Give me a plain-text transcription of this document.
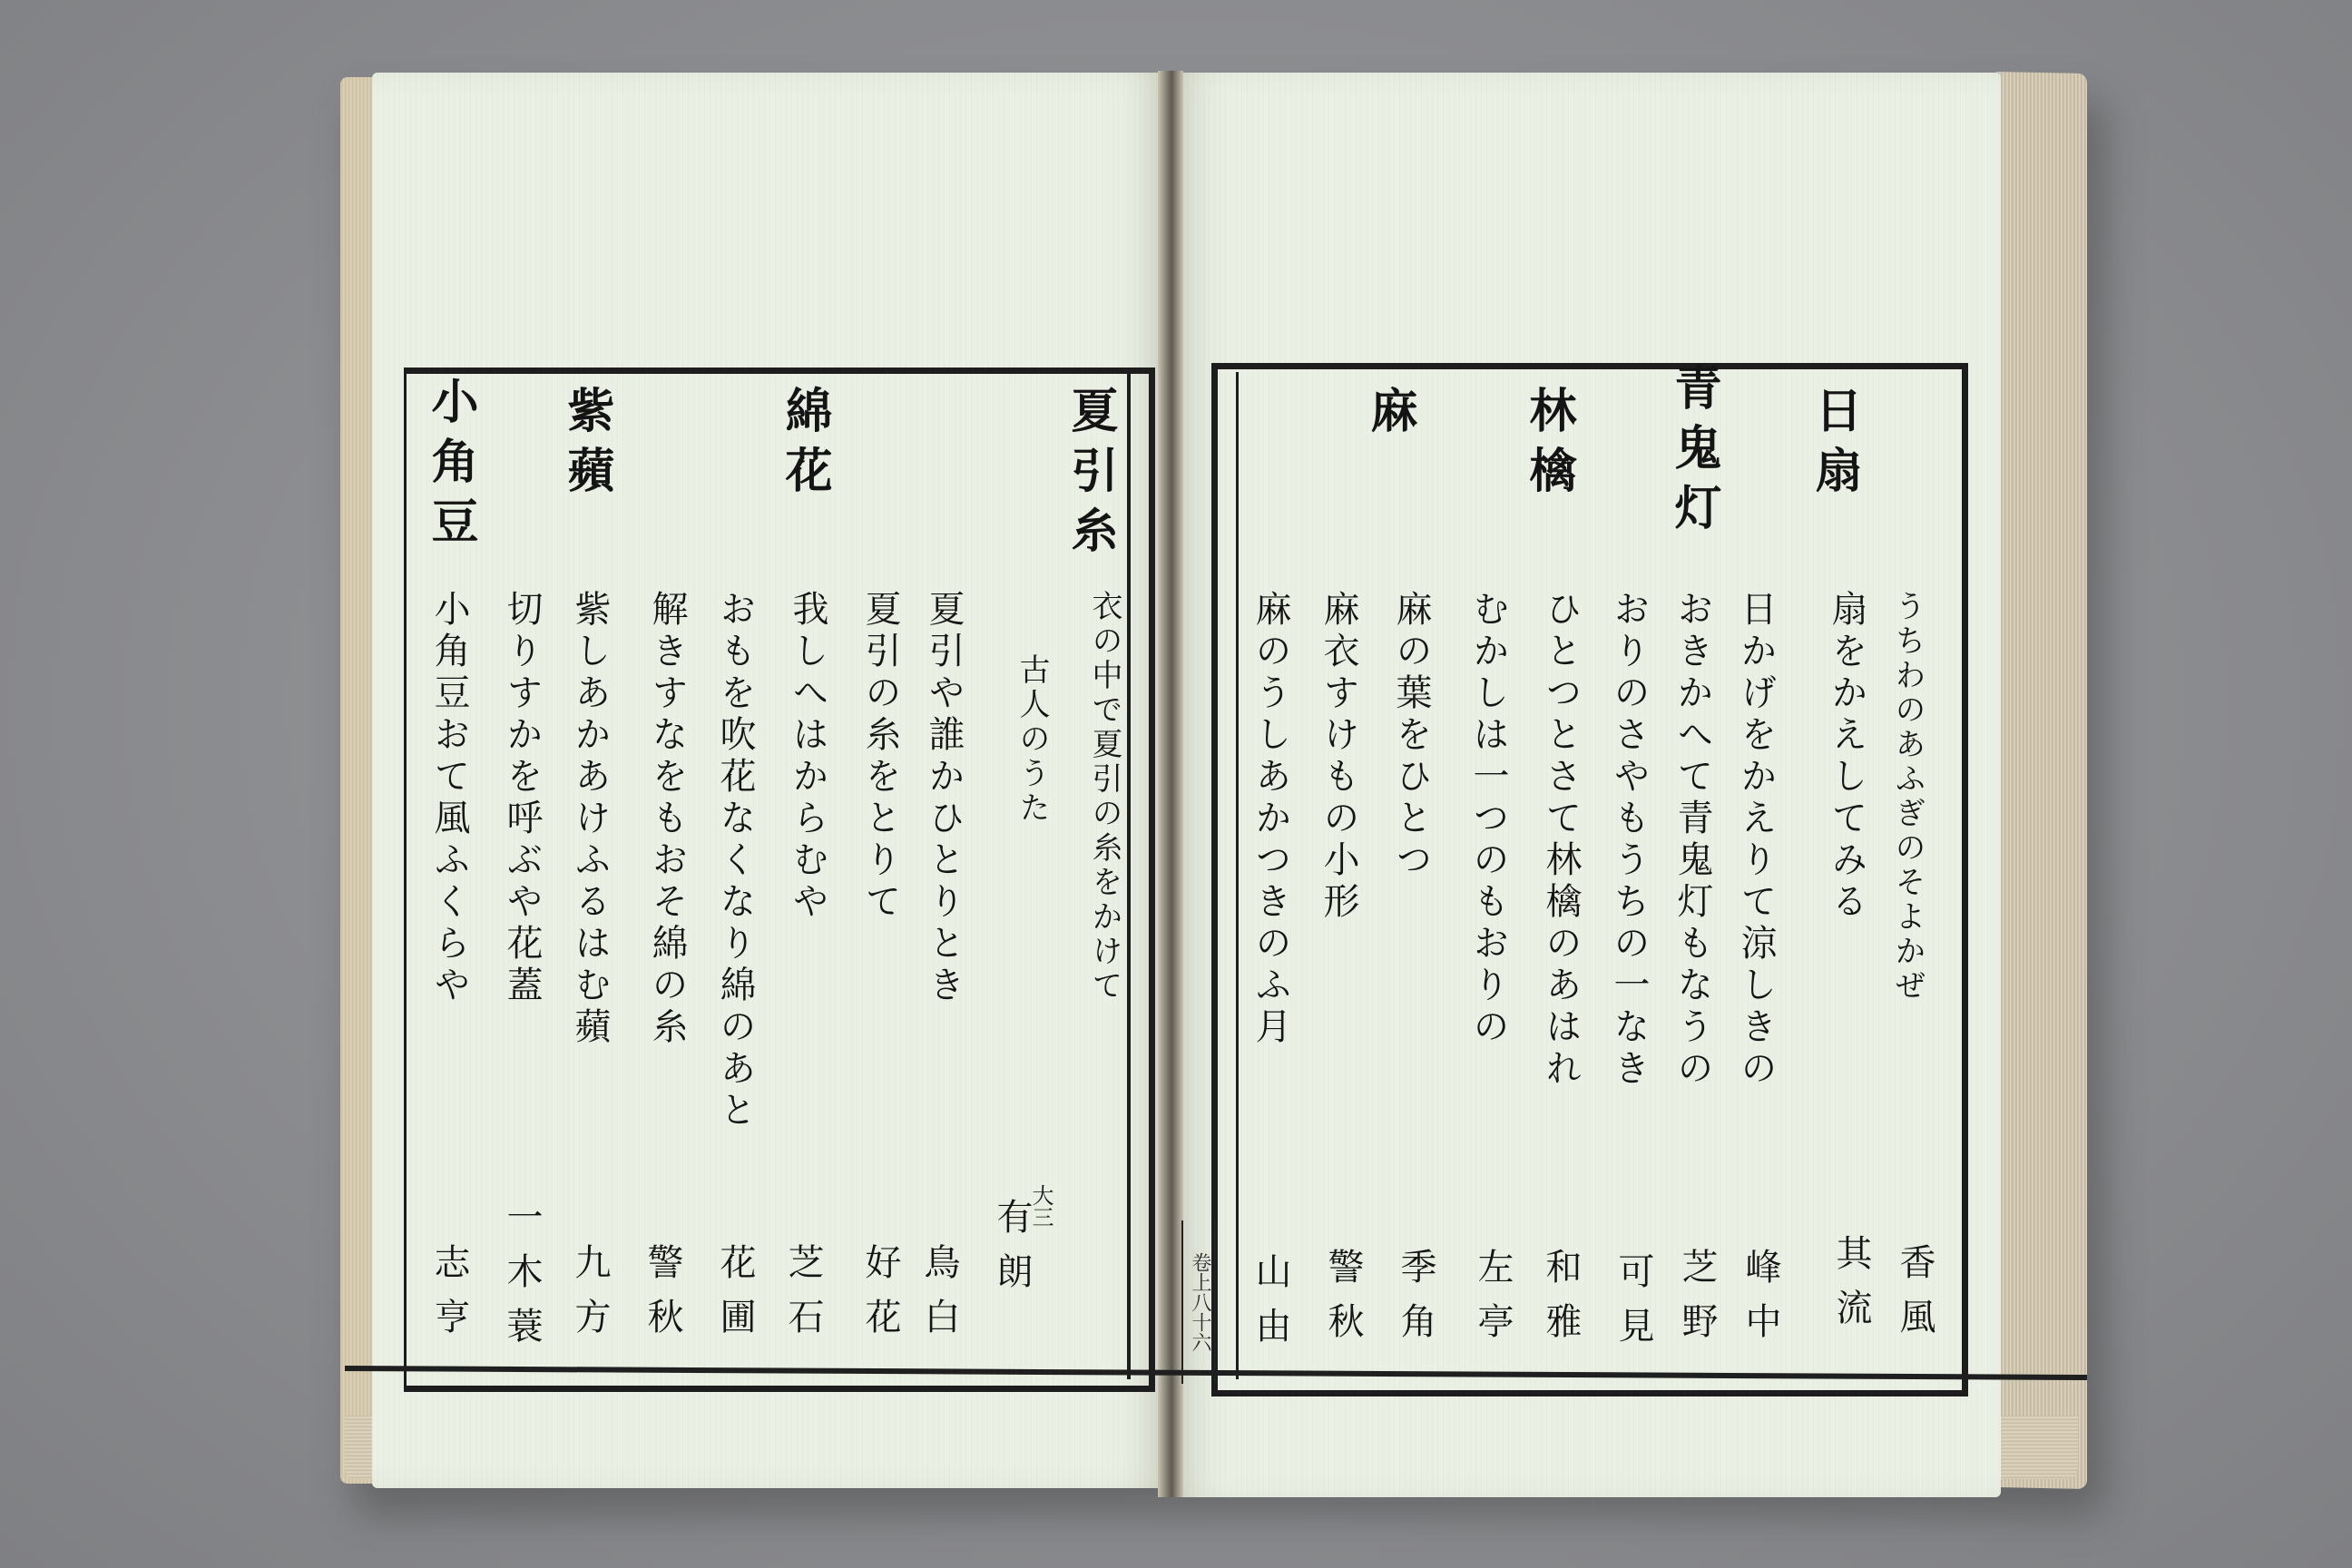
うちわのあふぎのそよかぜ
日扇
扇をかえしてみる
日かげをかえりて涼しきの
青鬼灯
おきかへて青鬼灯もなうの
おりのさやもうちの一なき
林檎
ひとつとさて林檎のあはれ
むかしは一つのもおりの
麻
麻の葉をひとつ
麻衣すけもの小形
麻のうしあかつきのふ月
香風
其流
峰中
芝野
可見
和雅
左亭
季角
警秋
山由
卷上八十六
夏引糸
衣の中で夏引の糸をかけて
古人のうた
夏引や誰かひとりとき
夏引の糸をとりて
綿花
我しへはからむや
おもを吹花なくなり綿のあと
解きすなをもおそ綿の糸
紫蘋
紫しあかあけふるはむ蘋
切りすかを呼ぶや花蓋
小角豆
小角豆おて風ふくらや
大三
有朗
鳥白
好花
芝石
花圃
警秋
九方
一木蓑
志亨
